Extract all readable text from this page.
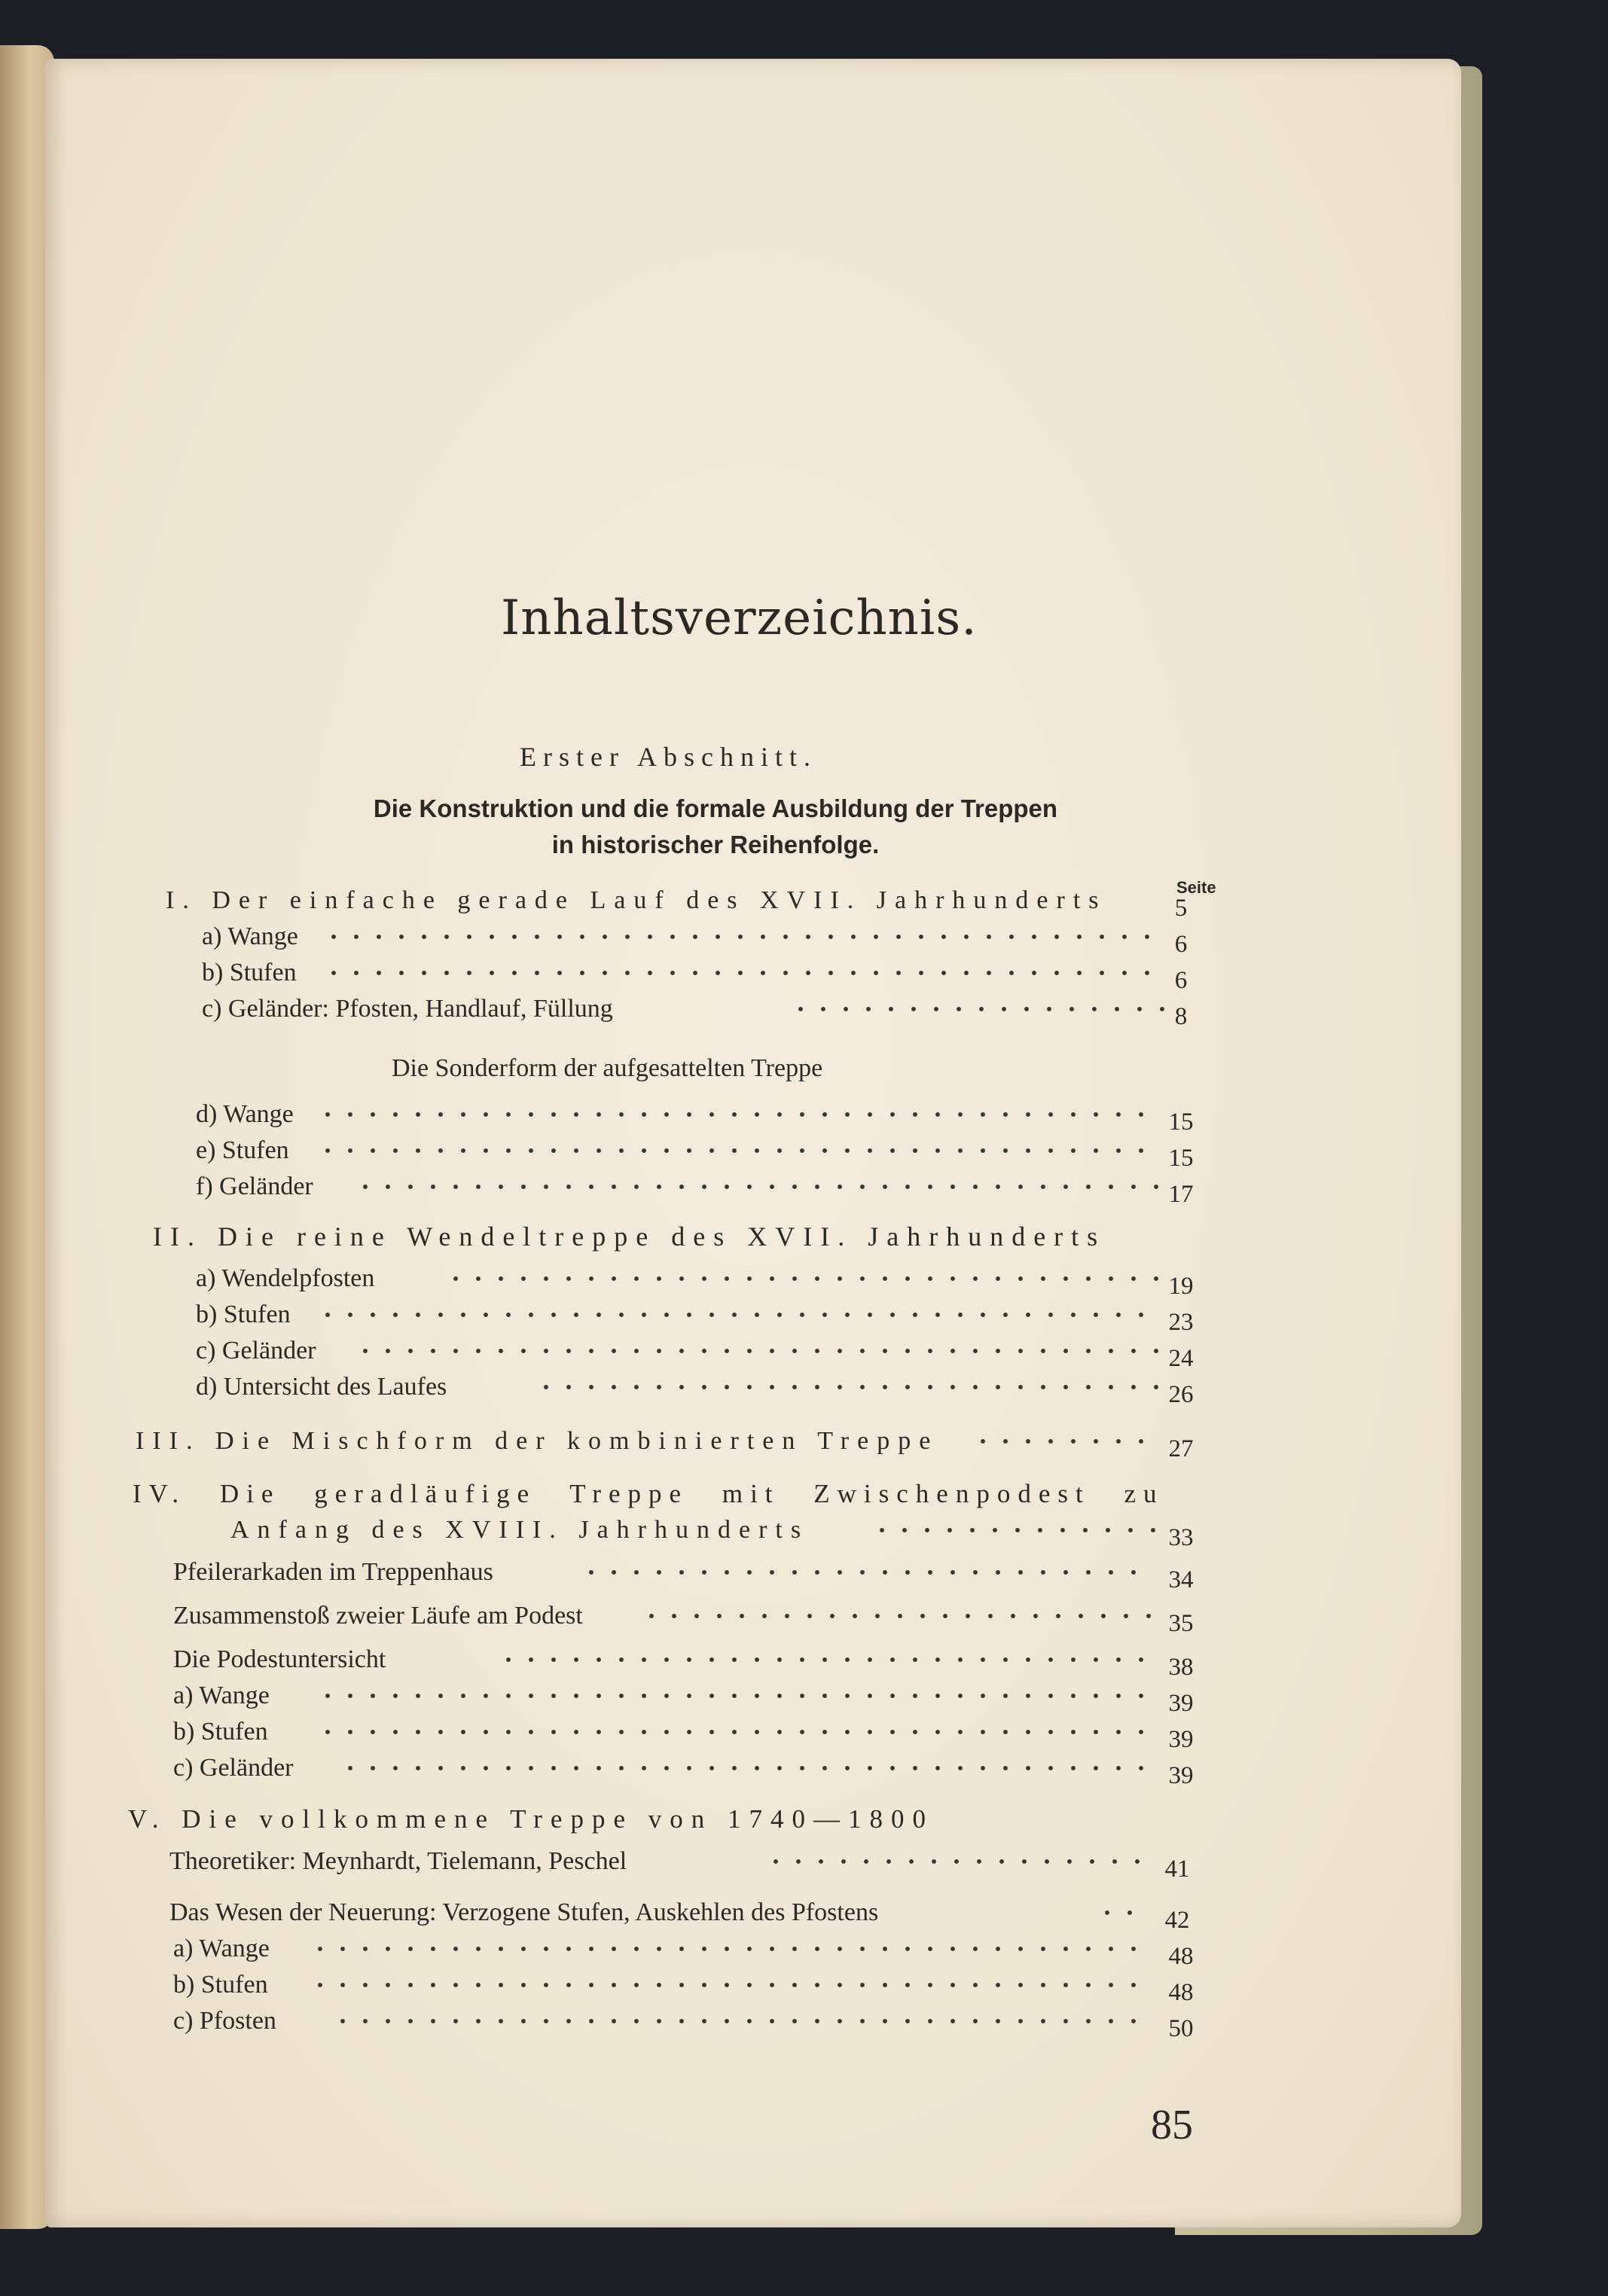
Inhaltsverzeichnis.
Erster Abschnitt.
Die Konstruktion und die formale Ausbildung der Treppen
in historischer Reihenfolge.
Seite
I. Der einfache gerade Lauf des XVII. Jahrhunderts	5
a) Wange	6
b) Stufen	6
c) Geländer: Pfosten, Handlauf, Füllung	8
Die Sonderform der aufgesattelten Treppe
d) Wange	15
e) Stufen	15
f) Geländer	17
II. Die reine Wendeltreppe des XVII. Jahrhunderts
a) Wendelpfosten	19
b) Stufen	23
c) Geländer	24
d) Untersicht des Laufes	26
III. Die Mischform der kombinierten Treppe	27
IV. Die geradläufige Treppe mit Zwischenpodest zu
Anfang des XVIII. Jahrhunderts	33
Pfeilerarkaden im Treppenhaus	34
Zusammenstoß zweier Läufe am Podest	35
Die Podestuntersicht	38
a) Wange	39
b) Stufen	39
c) Geländer	39
V. Die vollkommene Treppe von 1740—1800
Theoretiker: Meynhardt, Tielemann, Peschel	41
Das Wesen der Neuerung: Verzogene Stufen, Auskehlen des Pfostens	42
a) Wange	48
b) Stufen	48
c) Pfosten	50
85
